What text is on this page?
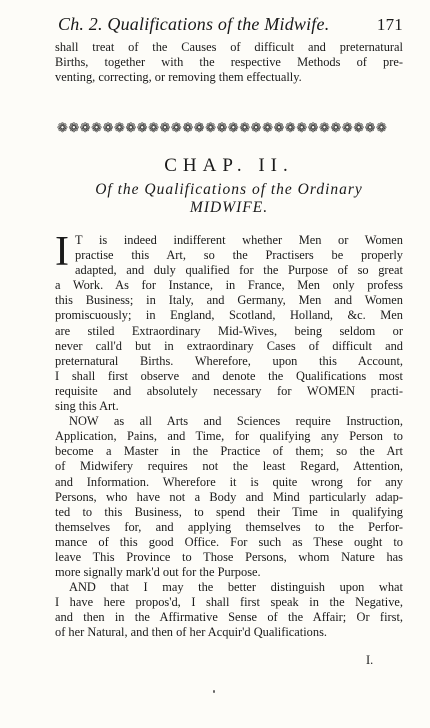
Ch. 2. Qualifications of the Midwife.	171
shall treat of the Causes of difficult and preternatural
Births, together with the respective Methods of pre-
venting, correcting, or removing them effectually.
❁❁❁❁❁❁❁❁❁❁❁❁❁❁❁❁❁❁❁❁❁❁❁❁❁❁❁❁❁
CHAP. II.
Of the Qualifications of the Ordinary
MIDWIFE.
I T is indeed indifferent whether Men or Women
practise this Art, so the Practisers be properly
adapted, and duly qualified for the Purpose of so great
a Work. As for Instance, in France, Men only profess
this Business; in Italy, and Germany, Men and Women
promiscuously; in England, Scotland, Holland, &c. Men
are stiled Extraordinary Mid-Wives, being seldom or
never call'd but in extraordinary Cases of difficult and
preternatural Births. Wherefore, upon this Account,
I shall first observe and denote the Qualifications most
requisite and absolutely necessary for WOMEN practi-
sing this Art.
NOW as all Arts and Sciences require Instruction,
Application, Pains, and Time, for qualifying any Person to
become a Master in the Practice of them; so the Art
of Midwifery requires not the least Regard, Attention,
and Information. Wherefore it is quite wrong for any
Persons, who have not a Body and Mind particularly adap-
ted to this Business, to spend their Time in qualifying
themselves for, and applying themselves to the Perfor-
mance of this good Office. For such as These ought to
leave This Province to Those Persons, whom Nature has
more signally mark'd out for the Purpose.
AND that I may the better distinguish upon what
I have here propos'd, I shall first speak in the Negative,
and then in the Affirmative Sense of the Affair; Or first,
of her Natural, and then of her Acquir'd Qualifications.
I.
